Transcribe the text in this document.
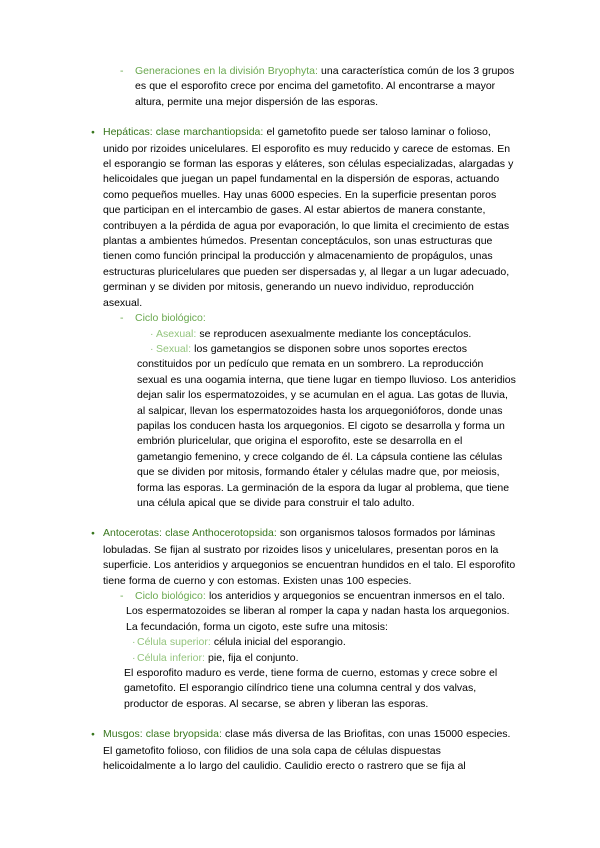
- Generaciones en la división Bryophyta: una característica común de los 3 grupos es que el esporofito crece por encima del gametofito. Al encontrarse a mayor altura, permite una mejor dispersión de las esporas.
● Hepáticas: clase marchantiopsida: el gametofito puede ser taloso laminar o folioso, unido por rizoides unicelulares. El esporofito es muy reducido y carece de estomas. En el esporangio se forman las esporas y eláteres, son células especializadas, alargadas y helicoidales que juegan un papel fundamental en la dispersión de esporas, actuando como pequeños muelles. Hay unas 6000 especies. En la superficie presentan poros que participan en el intercambio de gases. Al estar abiertos de manera constante, contribuyen a la pérdida de agua por evaporación, lo que limita el crecimiento de estas plantas a ambientes húmedos. Presentan conceptáculos, son unas estructuras que tienen como función principal la producción y almacenamiento de propágulos, unas estructuras pluricelulares que pueden ser dispersadas y, al llegar a un lugar adecuado, germinan y se dividen por mitosis, generando un nuevo individuo, reproducción asexual.
- Ciclo biológico:
· Asexual: se reproducen asexualmente mediante los conceptáculos.
· Sexual: los gametangios se disponen sobre unos soportes erectos constituidos por un pedículo que remata en un sombrero. La reproducción sexual es una oogamia interna, que tiene lugar en tiempo lluvioso. Los anteridios dejan salir los espermatozoides, y se acumulan en el agua. Las gotas de lluvia, al salpicar, llevan los espermatozoides hasta los arquegonióforos, donde unas papilas los conducen hasta los arquegonios. El cigoto se desarrolla y forma un embrión pluricelular, que origina el esporofito, este se desarrolla en el gametangio femenino, y crece colgando de él. La cápsula contiene las células que se dividen por mitosis, formando étaler y células madre que, por meiosis, forma las esporas. La germinación de la espora da lugar al problema, que tiene una célula apical que se divide para construir el talo adulto.
● Antocerotas: clase Anthocerotopsida: son organismos talosos formados por láminas lobuladas. Se fijan al sustrato por rizoides lisos y unicelulares, presentan poros en la superficie. Los anteridios y arquegonios se encuentran hundidos en el talo. El esporofito tiene forma de cuerno y con estomas. Existen unas 100 especies.
- Ciclo biológico: los anteridios y arquegonios se encuentran inmersos en el talo. Los espermatozoides se liberan al romper la capa y nadan hasta los arquegonios. La fecundación, forma un cigoto, este sufre una mitosis:
· Célula superior: célula inicial del esporangio.
· Célula inferior: pie, fija el conjunto.
El esporofito maduro es verde, tiene forma de cuerno, estomas y crece sobre el gametofito. El esporangio cilíndrico tiene una columna central y dos valvas, productor de esporas. Al secarse, se abren y liberan las esporas.
● Musgos: clase bryopsida: clase más diversa de las Briofitas, con unas 15000 especies. El gametofito folioso, con filidios de una sola capa de células dispuestas helicoidalmente a lo largo del caulidio. Caulidio erecto o rastrero que se fija al
